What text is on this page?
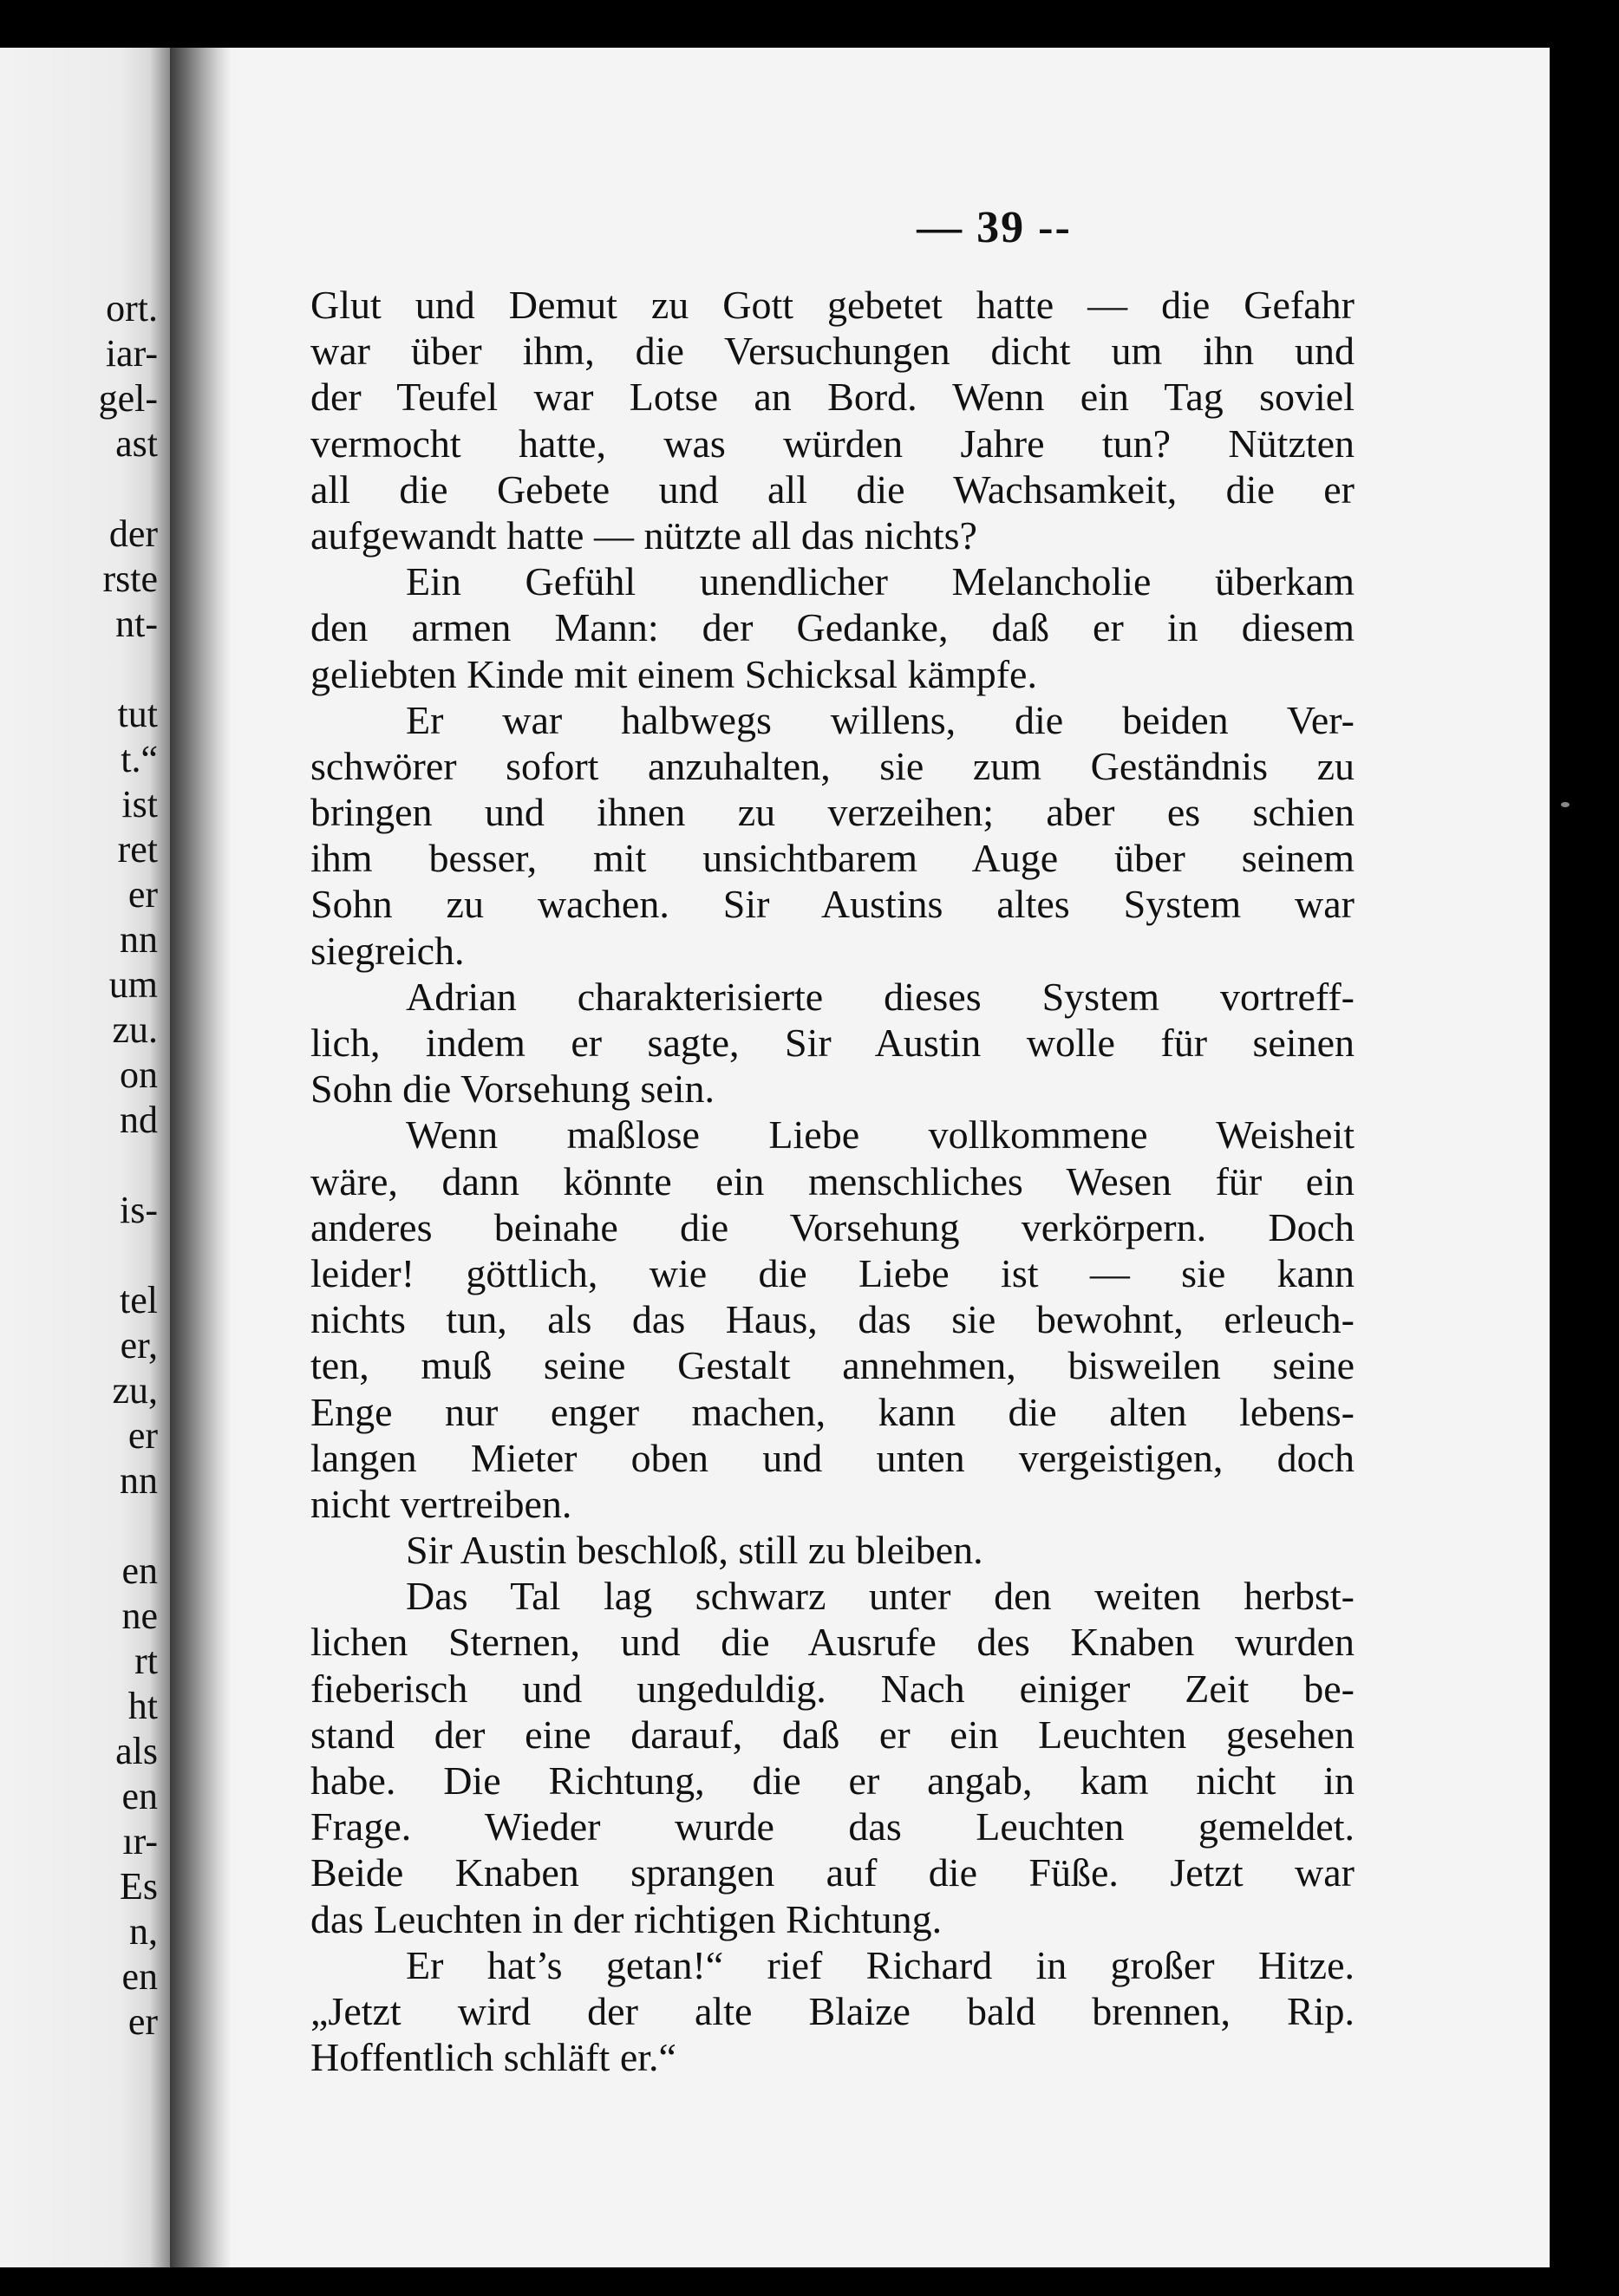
ort.
iar-
gel-
ast
der
rste
nt-
tut
t.“
ist
ret
er
nn
um
zu.
on
nd
is-
tel
er,
zu,
er
nn
en
ne
rt
ht
als
en
ır-
Es
n,
en
er
— 39 --
Glut und Demut zu Gott gebetet hatte — die Gefahr
war über ihm, die Versuchungen dicht um ihn und
der Teufel war Lotse an Bord. Wenn ein Tag soviel
vermocht hatte, was würden Jahre tun? Nützten
all die Gebete und all die Wachsamkeit, die er
aufgewandt hatte — nützte all das nichts?
Ein Gefühl unendlicher Melancholie überkam
den armen Mann: der Gedanke, daß er in diesem
geliebten Kinde mit einem Schicksal kämpfe.
Er war halbwegs willens, die beiden Ver-
schwörer sofort anzuhalten, sie zum Geständnis zu
bringen und ihnen zu verzeihen; aber es schien
ihm besser, mit unsichtbarem Auge über seinem
Sohn zu wachen. Sir Austins altes System war
siegreich.
Adrian charakterisierte dieses System vortreff-
lich, indem er sagte, Sir Austin wolle für seinen
Sohn die Vorsehung sein.
Wenn maßlose Liebe vollkommene Weisheit
wäre, dann könnte ein menschliches Wesen für ein
anderes beinahe die Vorsehung verkörpern. Doch
leider! göttlich, wie die Liebe ist — sie kann
nichts tun, als das Haus, das sie bewohnt, erleuch-
ten, muß seine Gestalt annehmen, bisweilen seine
Enge nur enger machen, kann die alten lebens-
langen Mieter oben und unten vergeistigen, doch
nicht vertreiben.
Sir Austin beschloß, still zu bleiben.
Das Tal lag schwarz unter den weiten herbst-
lichen Sternen, und die Ausrufe des Knaben wurden
fieberisch und ungeduldig. Nach einiger Zeit be-
stand der eine darauf, daß er ein Leuchten gesehen
habe. Die Richtung, die er angab, kam nicht in
Frage. Wieder wurde das Leuchten gemeldet.
Beide Knaben sprangen auf die Füße. Jetzt war
das Leuchten in der richtigen Richtung.
Er hat’s getan!“ rief Richard in großer Hitze.
„Jetzt wird der alte Blaize bald brennen, Rip.
Hoffentlich schläft er.“
